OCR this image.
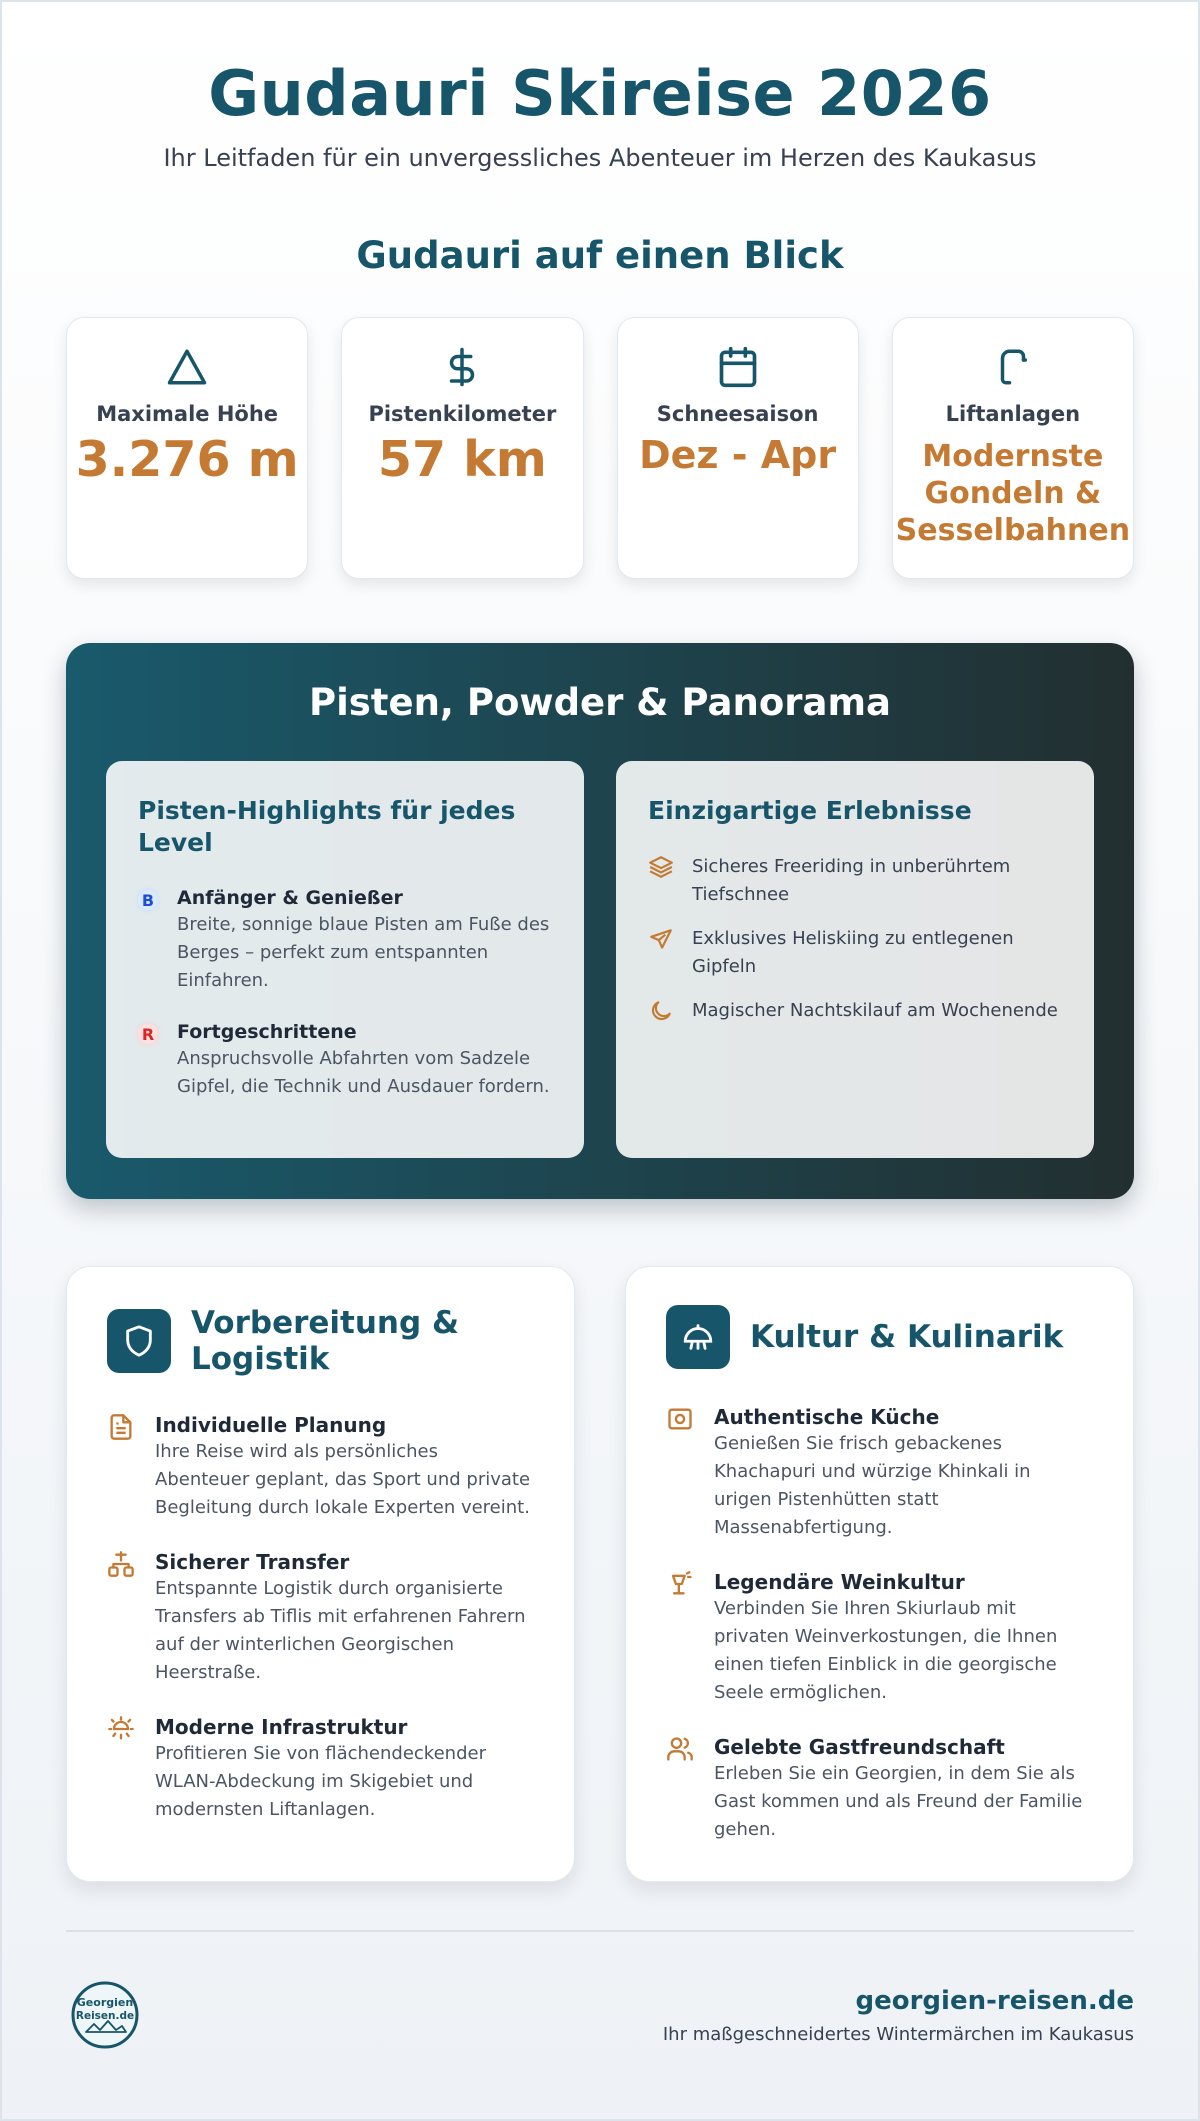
Gudauri Skireise 2026

Ihr Leitfaden für ein unvergessliches Abenteuer im Herzen des Kaukasus

Gudauri auf einen Blick
Maximale Höhe
3.276 m
Pistenkilometer
57 km
Schneesaison
Dez - Apr
Liftanlagen
Modernste Gondeln & Sesselbahnen
Pisten, Powder & Panorama
Pisten-Highlights für jedes Level
B Anfänger & Genießer
Breite, sonnige blaue Pisten am Fuße des Berges – perfekt zum entspannten Einfahren.
R Fortgeschrittene
Anspruchsvolle Abfahrten vom Sadzele Gipfel, die Technik und Ausdauer fordern.
Einzigartige Erlebnisse
Sicheres Freeriding in unberührtem Tiefschnee
Exklusives Heliskiing zu entlegenen Gipfeln
Magischer Nachtskilauf am Wochenende
Vorbereitung & Logistik
Individuelle Planung
Ihre Reise wird als persönliches Abenteuer geplant, das Sport und private Begleitung durch lokale Experten vereint.
Sicherer Transfer
Entspannte Logistik durch organisierte Transfers ab Tiflis mit erfahrenen Fahrern auf der winterlichen Georgischen Heerstraße.
Moderne Infrastruktur
Profitieren Sie von flächendeckender WLAN-Abdeckung im Skigebiet und modernsten Liftanlagen.
Kultur & Kulinarik
Authentische Küche
Genießen Sie frisch gebackenes Khachapuri und würzige Khinkali in urigen Pistenhütten statt Massenabfertigung.
Legendäre Weinkultur
Verbinden Sie Ihren Skiurlaub mit privaten Weinverkostungen, die Ihnen einen tiefen Einblick in die georgische Seele ermöglichen.
Gelebte Gastfreundschaft
Erleben Sie ein Georgien, in dem Sie als Gast kommen und als Freund der Familie gehen.
Georgien
Reisen.de
georgien-reisen.de
Ihr maßgeschneidertes Wintermärchen im Kaukasus
